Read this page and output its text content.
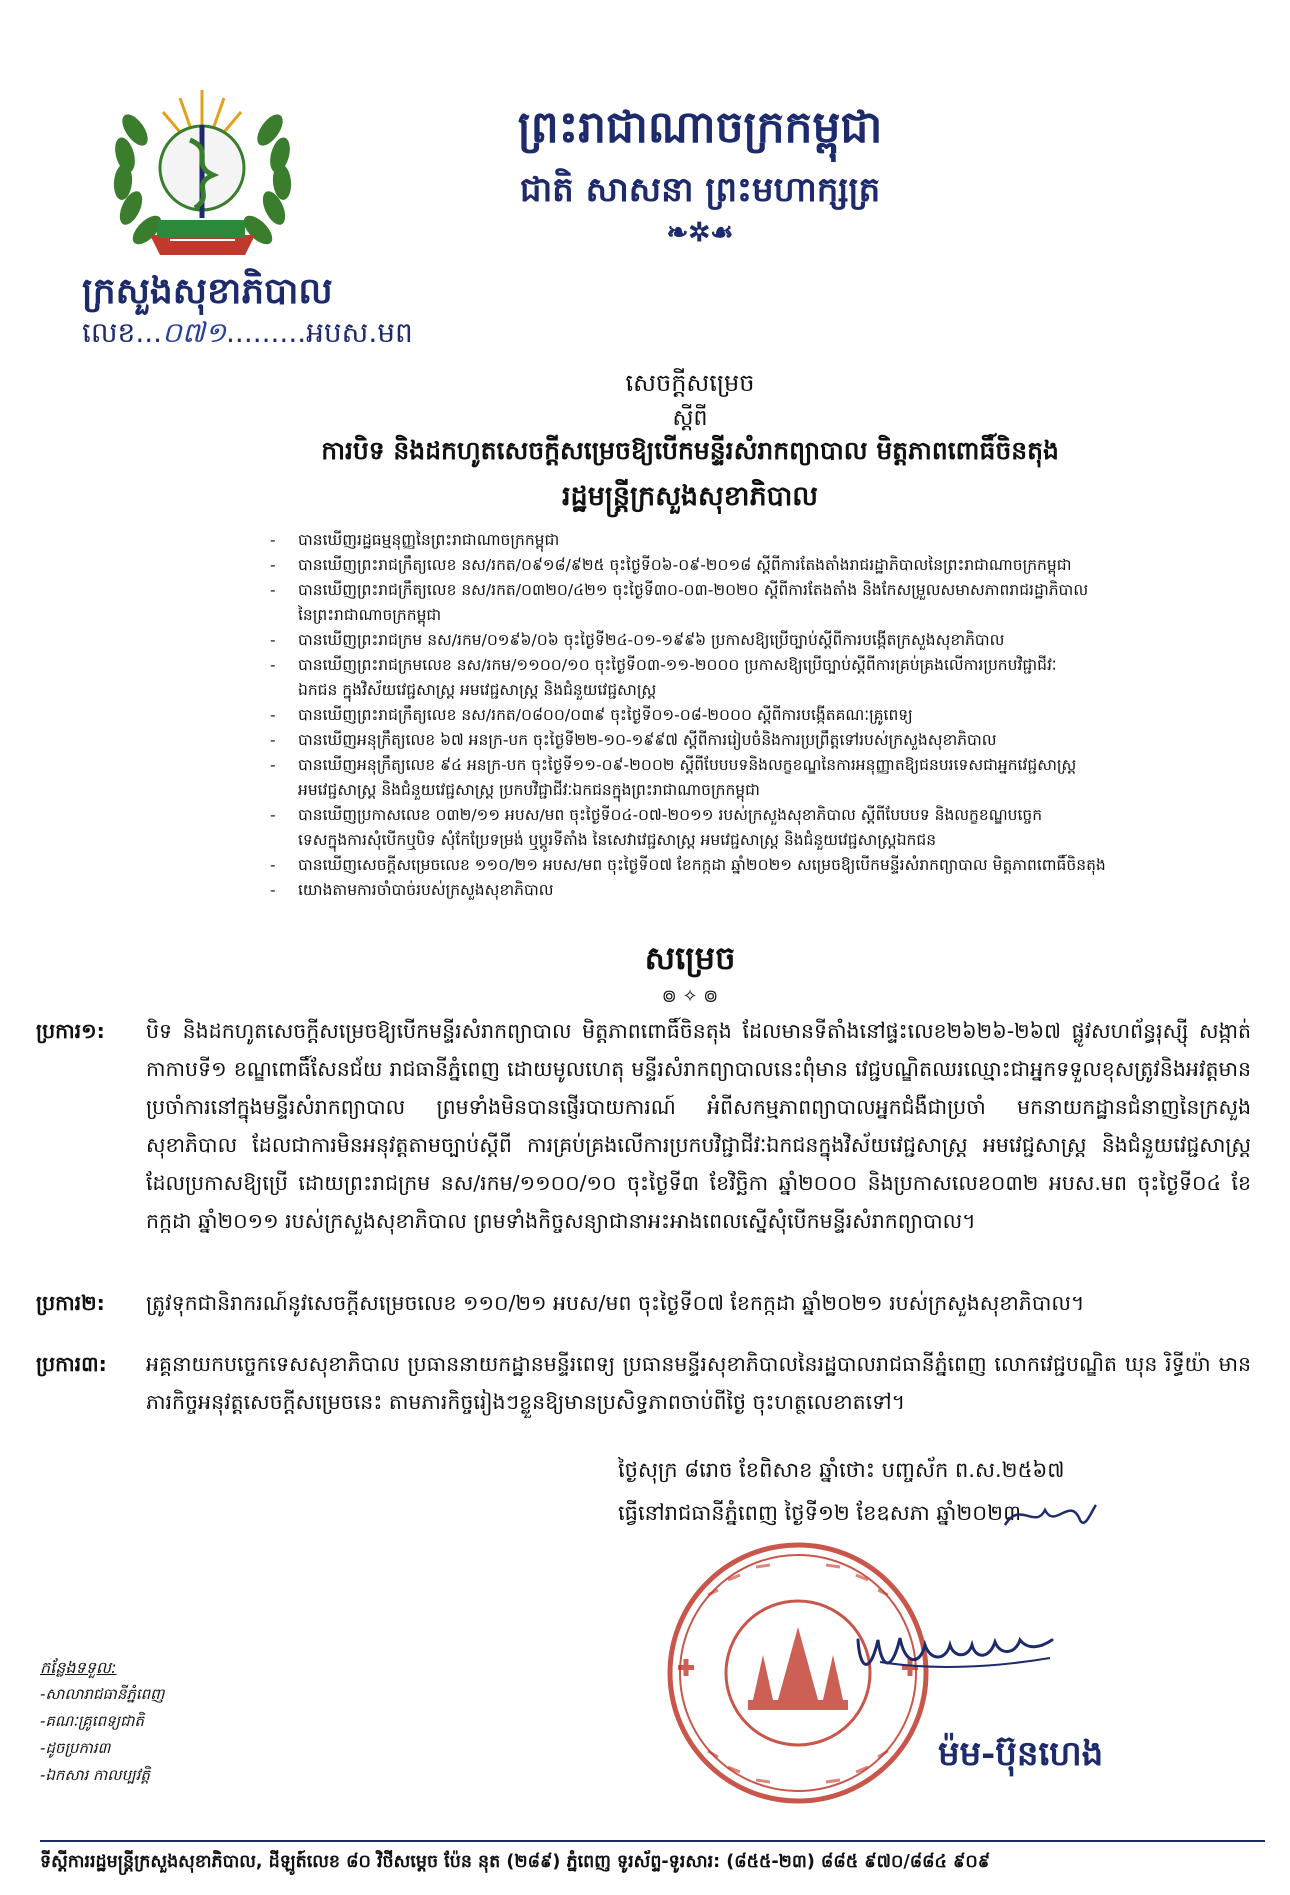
ក្រសួងសុខាភិបាល
លេខ...០៧១.........អបស.មព
ព្រះរាជាណាចក្រកម្ពុជា
ជាតិ សាសនា ព្រះមហាក្សត្រ
❧✲☙
សេចក្តីសម្រេច
ស្តីពី
ការបិទ និងដកហូតសេចក្តីសម្រេចឱ្យបើកមន្ទីរសំរាកព្យាបាល មិត្តភាពពោធិ៍ចិនតុង
រដ្ឋមន្ត្រីក្រសួងសុខាភិបាល
-	បានឃើញរដ្ឋធម្មនុញ្ញនៃព្រះរាជាណាចក្រកម្ពុជា
-	បានឃើញព្រះរាជក្រឹត្យលេខ នស/រកត/០៩១៨/៩២៥ ចុះថ្ងៃទី០៦-០៩-២០១៨ ស្តីពីការតែងតាំងរាជរដ្ឋាភិបាលនៃព្រះរាជាណាចក្រកម្ពុជា
-	បានឃើញព្រះរាជក្រឹត្យលេខ នស/រកត/០៣២០/៤២១ ចុះថ្ងៃទី៣០-០៣-២០២០ ស្តីពីការតែងតាំង និងកែសម្រួលសមាសភាពរាជរដ្ឋាភិបាល
នៃព្រះរាជាណាចក្រកម្ពុជា
-	បានឃើញព្រះរាជក្រម នស/រកម/០១៩៦/០៦ ចុះថ្ងៃទី២៤-០១-១៩៩៦ ប្រកាសឱ្យប្រើច្បាប់ស្តីពីការបង្កើតក្រសួងសុខាភិបាល
-	បានឃើញព្រះរាជក្រមលេខ នស/រកម/១១០០/១០ ចុះថ្ងៃទី០៣-១១-២០០០ ប្រកាសឱ្យប្រើច្បាប់ស្តីពីការគ្រប់គ្រងលើការប្រកបវិជ្ជាជីវៈ
ឯកជន ក្នុងវិស័យវេជ្ជសាស្ត្រ អមវេជ្ជសាស្ត្រ និងជំនួយវេជ្ជសាស្ត្រ
-	បានឃើញព្រះរាជក្រឹត្យលេខ នស/រកត/០៨០០/០៣៩ ចុះថ្ងៃទី០១-០៨-២០០០ ស្តីពីការបង្កើតគណៈគ្រូពេទ្យ
-	បានឃើញអនុក្រឹត្យលេខ ៦៧ អនក្រ-បក ចុះថ្ងៃទី២២-១០-១៩៩៧ ស្តីពីការរៀបចំនិងការប្រព្រឹត្តទៅរបស់ក្រសួងសុខាភិបាល
-	បានឃើញអនុក្រឹត្យលេខ ៩៤ អនក្រ-បក ចុះថ្ងៃទី១១-០៩-២០០២ ស្តីពីបែបបទនិងលក្ខខណ្ឌនៃការអនុញ្ញាតឱ្យជនបរទេសជាអ្នកវេជ្ជសាស្ត្រ
អមវេជ្ជសាស្ត្រ និងជំនួយវេជ្ជសាស្ត្រ ប្រកបវិជ្ជាជីវៈឯកជនក្នុងព្រះរាជាណាចក្រកម្ពុជា
-	បានឃើញប្រកាសលេខ ០៣២/១១ អបស/មព ចុះថ្ងៃទី០៤-០៧-២០១១ របស់ក្រសួងសុខាភិបាល ស្តីពីបែបបទ និងលក្ខខណ្ឌបច្ចេក
ទេសក្នុងការសុំបើកឬបិទ សុំកែប្រែទម្រង់ ឬប្តូរទីតាំង នៃសេវាវេជ្ជសាស្ត្រ អមវេជ្ជសាស្ត្រ និងជំនួយវេជ្ជសាស្ត្រឯកជន
-	បានឃើញសេចក្តីសម្រេចលេខ ១១០/២១ អបស/មព ចុះថ្ងៃទី០៧ ខែកក្កដា ឆ្នាំ២០២១ សម្រេចឱ្យបើកមន្ទីរសំរាកព្យាបាល មិត្តភាពពោធិ៍ចិនតុង
-	យោងតាមការចាំបាច់របស់ក្រសួងសុខាភិបាល
សម្រេច
៙ ✧ ៙
ប្រការ១:	បិទ និងដកហូតសេចក្តីសម្រេចឱ្យបើកមន្ទីរសំរាកព្យាបាល មិត្តភាពពោធិ៍ចិនតុង ដែលមានទីតាំងនៅផ្ទះលេខ២៦២៦-២៦៧ ផ្លូវសហព័ន្ធរុស្ស៊ី សង្កាត់កាកាបទី១ ខណ្ឌពោធិ៍សែនជ័យ រាជធានីភ្នំពេញ ដោយមូលហេតុ មន្ទីរសំរាកព្យាបាលនេះពុំមាន វេជ្ជបណ្ឌិតឈរឈ្មោះជាអ្នកទទួលខុសត្រូវនិងអវត្តមានប្រចាំការនៅក្នុងមន្ទីរសំរាកព្យាបាល ព្រមទាំងមិនបានផ្ញើរបាយការណ៍ អំពីសកម្មភាពព្យាបាលអ្នកជំងឺជាប្រចាំ មកនាយកដ្ឋានជំនាញនៃក្រសួងសុខាភិបាល ដែលជាការមិនអនុវត្តតាមច្បាប់ស្តីពី ការគ្រប់គ្រងលើការប្រកបវិជ្ជាជីវៈឯកជនក្នុងវិស័យវេជ្ជសាស្ត្រ អមវេជ្ជសាស្ត្រ និងជំនួយវេជ្ជសាស្ត្រ ដែលប្រកាសឱ្យប្រើ ដោយព្រះរាជក្រម នស/រកម/១១០០/១០ ចុះថ្ងៃទី៣ ខែវិច្ឆិកា ឆ្នាំ២០០០ និងប្រកាសលេខ០៣២ អបស.មព ចុះថ្ងៃទី០៤ ខែ កក្កដា ឆ្នាំ២០១១ របស់ក្រសួងសុខាភិបាល ព្រមទាំងកិច្ចសន្យាជានាអះអាងពេលស្នើសុំបើកមន្ទីរសំរាកព្យាបាល។
ប្រការ២:	ត្រូវទុកជានិរាករណ៍នូវសេចក្តីសម្រេចលេខ ១១០/២១ អបស/មព ចុះថ្ងៃទី០៧ ខែកក្កដា ឆ្នាំ២០២១ របស់ក្រសួងសុខាភិបាល។
ប្រការ៣:	អគ្គនាយកបច្ចេកទេសសុខាភិបាល ប្រធាននាយកដ្ឋានមន្ទីរពេទ្យ ប្រធានមន្ទីរសុខាភិបាលនៃរដ្ឋបាលរាជធានីភ្នំពេញ លោកវេជ្ជបណ្ឌិត ឃុន រិទ្ធីយ៉ា មានភារកិច្ចអនុវត្តសេចក្តីសម្រេចនេះ តាមភារកិច្ចរៀងៗខ្លួនឱ្យមានប្រសិទ្ធភាពចាប់ពីថ្ងៃ ចុះហត្ថលេខាតទៅ។
ថ្ងៃសុក្រ ៨រោច ខែពិសាខ ឆ្នាំថោះ បញ្ចស័ក ព.ស.២៥៦៧
ធ្វើនៅរាជធានីភ្នំពេញ ថ្ងៃទី១២ ខែឧសភា ឆ្នាំ២០២៣
ម៉ម-ប៊ុនហេង
កន្លែងទទួល:
-សាលារាជធានីភ្នំពេញ
-គណៈគ្រូពេទ្យជាតិ
-ដូចប្រការ៣
-ឯកសារ កាលប្បវត្តិ
ទីស្តីការរដ្ឋមន្ត្រីក្រសួងសុខាភិបាល, ដីឡូត៍លេខ ៨០ វិថីសម្តេច ប៉ែន នុត (២៨៩) ភ្នំពេញ ទូរស័ព្ទ-ទូរសារ: (៨៥៥-២៣) ៨៨៥ ៩៧០/៨៨៤ ៩០៩
